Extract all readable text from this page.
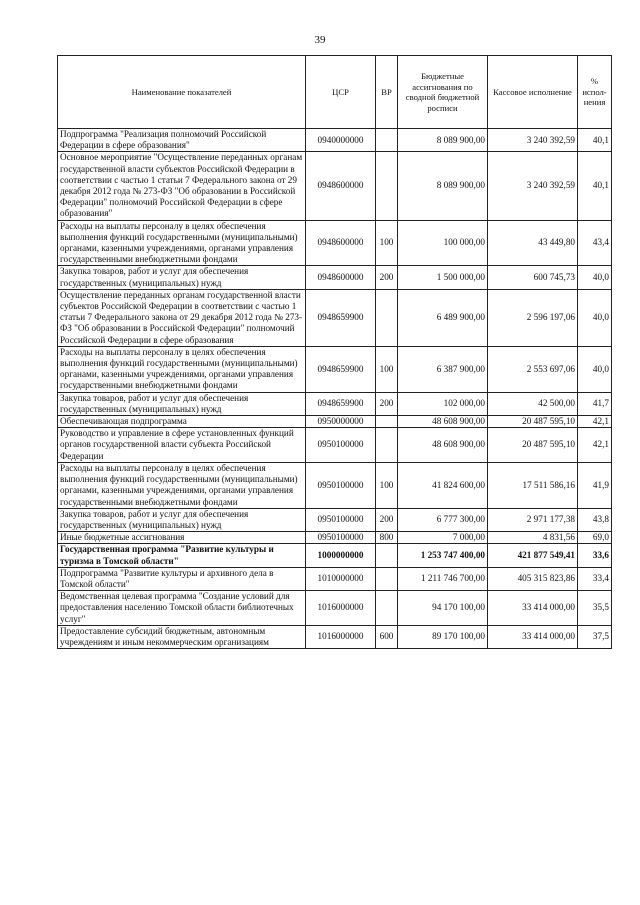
39
Наименование показателей	ЦСР	ВР	Бюджетные ассигнования по сводной бюджетной росписи	Кассовое исполнение	% испол-нения
Подпрограмма "Реализация полномочий Российской Федерации в сфере образования"	0940000000		8 089 900,00	3 240 392,59	40,1
Основное мероприятие "Осуществление переданных органам государственной власти субъектов Российской Федерации в соответствии с частью 1 статьи 7 Федерального закона от 29 декабря 2012 года № 273-ФЗ "Об образовании в Российской Федерации" полномочий Российской Федерации в сфере образования"	0948600000		8 089 900,00	3 240 392,59	40,1
Расходы на выплаты персоналу в целях обеспечения выполнения функций государственными (муниципальными) органами, казенными учреждениями, органами управления государственными внебюджетными фондами	0948600000	100	100 000,00	43 449,80	43,4
Закупка товаров, работ и услуг для обеспечения государственных (муниципальных) нужд	0948600000	200	1 500 000,00	600 745,73	40,0
Осуществление переданных органам государственной власти субъектов Российской Федерации в соответствии с частью 1 статьи 7 Федерального закона от 29 декабря 2012 года № 273-ФЗ "Об образовании в Российской Федерации" полномочий Российской Федерации в сфере образования	0948659900		6 489 900,00	2 596 197,06	40,0
Расходы на выплаты персоналу в целях обеспечения выполнения функций государственными (муниципальными) органами, казенными учреждениями, органами управления государственными внебюджетными фондами	0948659900	100	6 387 900,00	2 553 697,06	40,0
Закупка товаров, работ и услуг для обеспечения государственных (муниципальных) нужд	0948659900	200	102 000,00	42 500,00	41,7
Обеспечивающая подпрограмма	0950000000		48 608 900,00	20 487 595,10	42,1
Руководство и управление в сфере установленных функций органов государственной власти субъекта Российской Федерации	0950100000		48 608 900,00	20 487 595,10	42,1
Расходы на выплаты персоналу в целях обеспечения выполнения функций государственными (муниципальными) органами, казенными учреждениями, органами управления государственными внебюджетными фондами	0950100000	100	41 824 600,00	17 511 586,16	41,9
Закупка товаров, работ и услуг для обеспечения государственных (муниципальных) нужд	0950100000	200	6 777 300,00	2 971 177,38	43,8
Иные бюджетные ассигнования	0950100000	800	7 000,00	4 831,56	69,0
Государственная программа "Развитие культуры и туризма в Томской области"	1000000000		1 253 747 400,00	421 877 549,41	33,6
Подпрограмма "Развитие культуры и архивного дела в Томской области"	1010000000		1 211 746 700,00	405 315 823,86	33,4
Ведомственная целевая программа "Создание условий для предоставления населению Томской области библиотечных услуг"	1016000000		94 170 100,00	33 414 000,00	35,5
Предоставление субсидий бюджетным, автономным учреждениям и иным некоммерческим организациям	1016000000	600	89 170 100,00	33 414 000,00	37,5
